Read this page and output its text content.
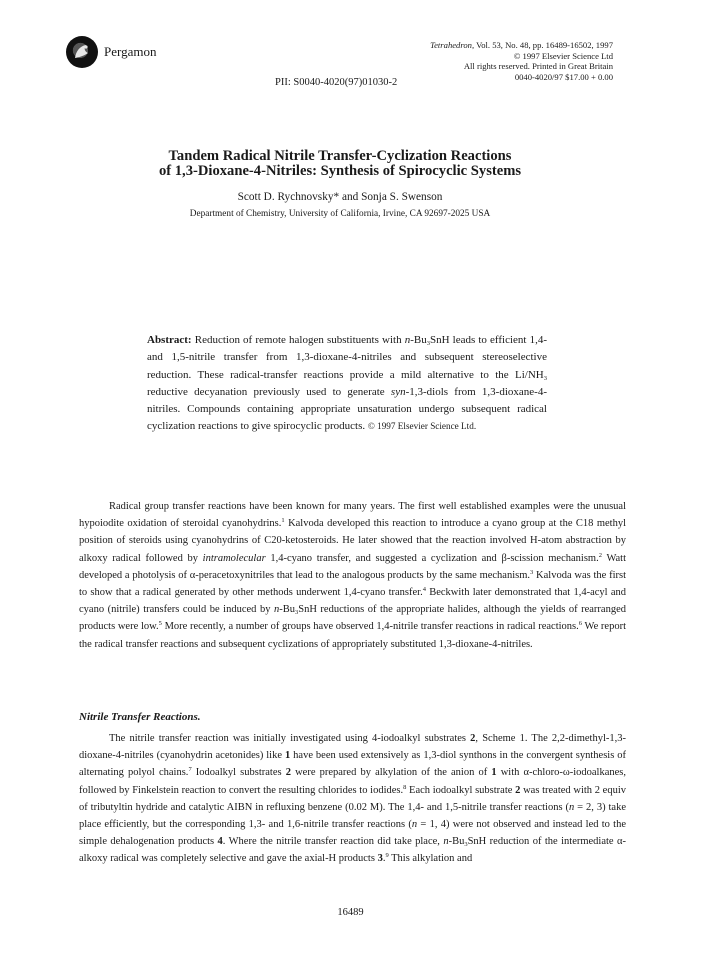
Pergamon	Tetrahedron, Vol. 53, No. 48, pp. 16489-16502, 1997
© 1997 Elsevier Science Ltd
All rights reserved. Printed in Great Britain
0040-4020/97 $17.00 + 0.00
PII: S0040-4020(97)01030-2
Tandem Radical Nitrile Transfer-Cyclization Reactions
of 1,3-Dioxane-4-Nitriles: Synthesis of Spirocyclic Systems
Scott D. Rychnovsky* and Sonja S. Swenson
Department of Chemistry, University of California, Irvine, CA 92697-2025 USA
Abstract: Reduction of remote halogen substituents with $n-Bu_3SnH$ leads to efficient 1,4- and 1,5-nitrile transfer from 1,3-dioxane-4-nitriles and subsequent stereoselective reduction. These radical-transfer reactions provide a mild alternative to the $Li/NH_3$ reductive decyanation previously used to generate syn-1,3-diols from 1,3-dioxane-4-nitriles. Compounds containing appropriate unsaturation undergo subsequent radical cyclization reactions to give spirocyclic products. © 1997 Elsevier Science Ltd.

Radical group transfer reactions have been known for many years. The first well established examples were the unusual hypoiodite oxidation of steroidal cyanohydrins.$^1$ Kalvoda developed this reaction to introduce a cyano group at the C18 methyl position of steroids using cyanohydrins of C20-ketosteroids. He later showed that the reaction involved H-atom abstraction by alkoxy radical followed by intramolecular 1,4-cyano transfer, and suggested a cyclization and β-scission mechanism.$^2$ Watt developed a photolysis of α-peracetoxynitriles that lead to the analogous products by the same mechanism.$^3$ Kalvoda was the first to show that a radical generated by other methods underwent 1,4-cyano transfer.$^4$ Beckwith later demonstrated that 1,4-acyl and cyano (nitrile) transfers could be induced by $n-Bu_3SnH$ reductions of the appropriate halides, although the yields of rearranged products were low.$^5$ More recently, a number of groups have observed 1,4-nitrile transfer reactions in radical reactions.$^6$ We report the radical transfer reactions and subsequent cyclizations of appropriately substituted 1,3-dioxane-4-nitriles.

Nitrile Transfer Reactions.

The nitrile transfer reaction was initially investigated using 4-iodoalkyl substrates 2, Scheme 1. The 2,2-dimethyl-1,3-dioxane-4-nitriles (cyanohydrin acetonides) like 1 have been used extensively as 1,3-diol synthons in the convergent synthesis of alternating polyol chains.$^7$ Iodoalkyl substrates 2 were prepared by alkylation of the anion of 1 with α-chloro-ω-iodoalkanes, followed by Finkelstein reaction to convert the resulting chlorides to iodides.$^8$ Each iodoalkyl substrate 2 was treated with 2 equiv of tributyltin hydride and catalytic AIBN in refluxing benzene (0.02 M). The 1,4- and 1,5-nitrile transfer reactions (n = 2, 3) take place efficiently, but the corresponding 1,3- and 1,6-nitrile transfer reactions (n = 1, 4) were not observed and instead led to the simple dehalogenation products 4. Where the nitrile transfer reaction did take place, $n-Bu_3SnH$ reduction of the intermediate α-alkoxy radical was completely selective and gave the axial-H products 3.$^9$ This alkylation and

16489
